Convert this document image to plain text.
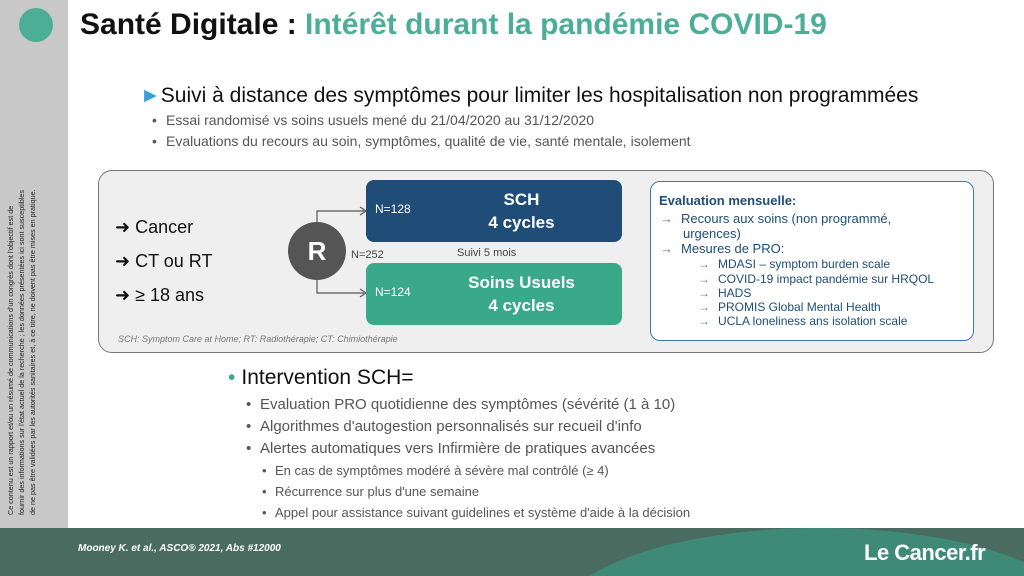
Ce contenu est un rapport et/ou un résumé de communications d'un congrès dont l'objectif est de fournir des informations sur l'état actuel de la recherche ; les données présentées ici sont susceptibles de ne pas être validées par les autorités sanitaires et, à ce titre, ne doivent pas être mises en pratique.
Santé Digitale : Intérêt durant la pandémie COVID-19
►Suivi à distance des symptômes pour limiter les hospitalisation non programmées
• Essai randomisé vs soins usuels mené du 21/04/2020 au 31/12/2020
• Evaluations du recours au soin, symptômes, qualité de vie, santé mentale, isolement
➜ Cancer
➜ CT ou RT
➜ ≥ 18 ans
R	N=252
N=128	SCH
4 cycles
Suivi 5 mois
N=124	Soins Usuels
4 cycles
SCH: Symptom Care at Home; RT: Radiothérapie; CT: Chimiothérapie
Evaluation mensuelle:
→ Recours aux soins (non programmé,
urgences)
→ Mesures de PRO:
→ MDASI – symptom burden scale
→ COVID-19 impact pandémie sur HRQOL
→ HADS
→ PROMIS Global Mental Health
→ UCLA loneliness ans isolation scale
• Intervention SCH=
• Evaluation PRO quotidienne des symptômes (sévérité (1 à 10)
• Algorithmes d'autogestion personnalisés sur recueil d'info
• Alertes automatiques vers Infirmière de pratiques avancées
• En cas de symptômes modéré à sévère mal contrôlé (≥ 4)
• Récurrence sur plus d'une semaine
• Appel pour assistance suivant guidelines et système d'aide à la décision
Mooney K. et al., ASCO® 2021, Abs #12000	Le Cancer.fr
